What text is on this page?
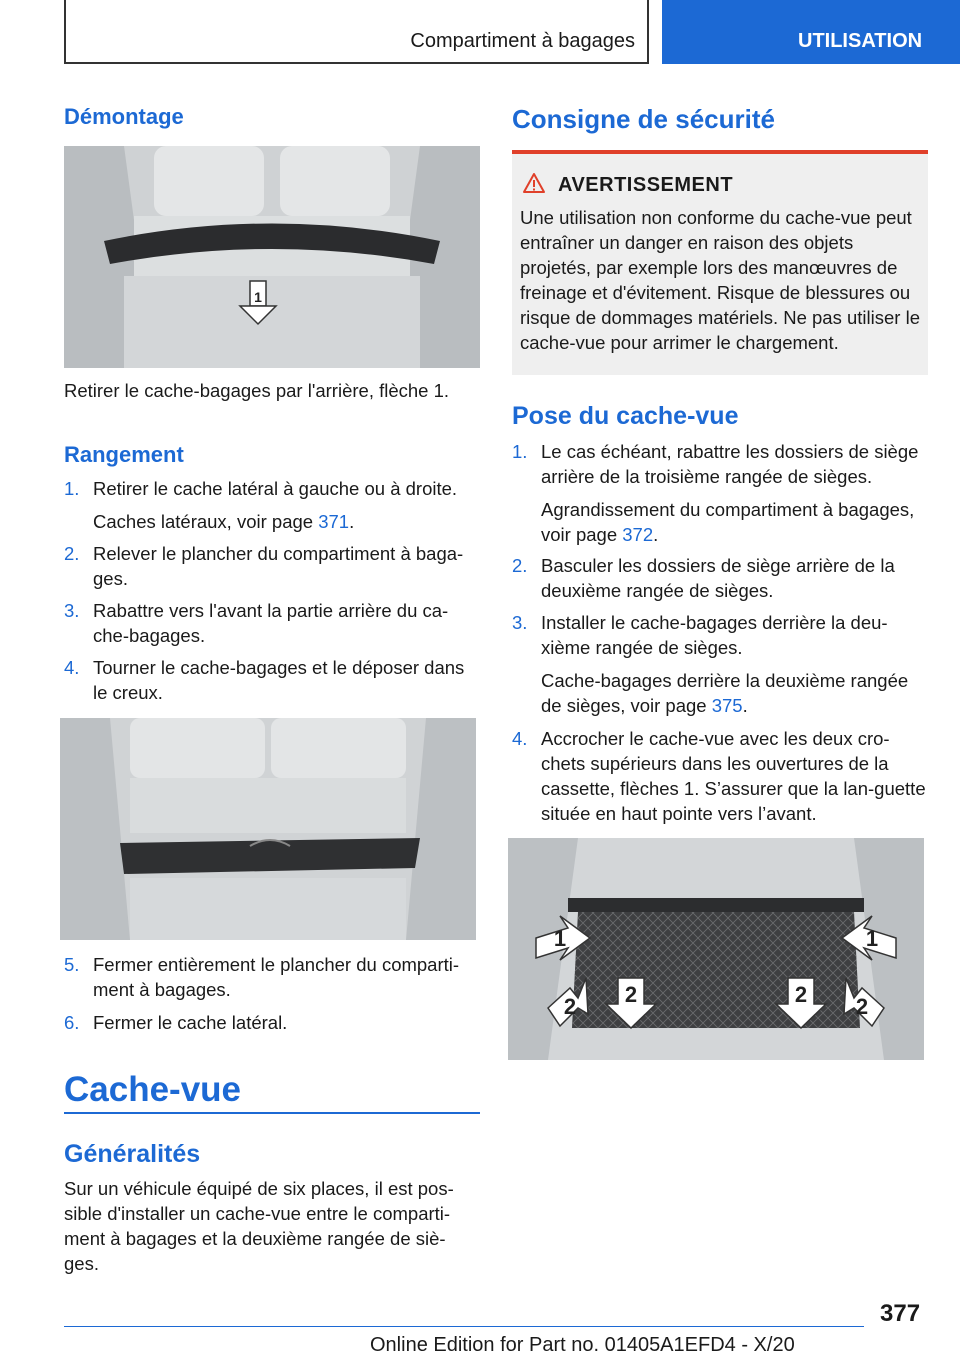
Compartiment à bagages	UTILISATION
Démontage
1

Retirer le cache-bagages par l'arrière, flèche 1.

Rangement
1. Retirer le cache latéral à gauche ou à droite.
Caches latéraux, voir page 371.
2. Relever le plancher du compartiment à baga-ges.
3. Rabattre vers l'avant la partie arrière du ca-che-bagages.
4. Tourner le cache-bagages et le déposer dans le creux.
5. Fermer entièrement le plancher du comparti-ment à bagages.
6. Fermer le cache latéral.
Cache-vue
Généralités

Sur un véhicule équipé de six places, il est pos-sible d'installer un cache-vue entre le comparti-ment à bagages et la deuxième rangée de siè-ges.

Consigne de sécurité
AVERTISSEMENT
Une utilisation non conforme du cache-vue peut entraîner un danger en raison des objets projetés, par exemple lors des manœuvres de freinage et d'évitement. Risque de blessures ou risque de dommages matériels. Ne pas utiliser le cache-vue pour arrimer le chargement.
Pose du cache-vue
1. Le cas échéant, rabattre les dossiers de siège arrière de la troisième rangée de sièges.
Agrandissement du compartiment à bagages, voir page 372.
2. Basculer les dossiers de siège arrière de la deuxième rangée de sièges.
3. Installer le cache-bagages derrière la deu-xième rangée de sièges.
Cache-bagages derrière la deuxième rangée de sièges, voir page 375.
4. Accrocher le cache-vue avec les deux cro-chets supérieurs dans les ouvertures de la cassette, flèches 1. S’assurer que la lan-guette située en haut pointe vers l’avant.
1	1
2	2
2	2
377
Online Edition for Part no. 01405A1EFD4 - X/20
